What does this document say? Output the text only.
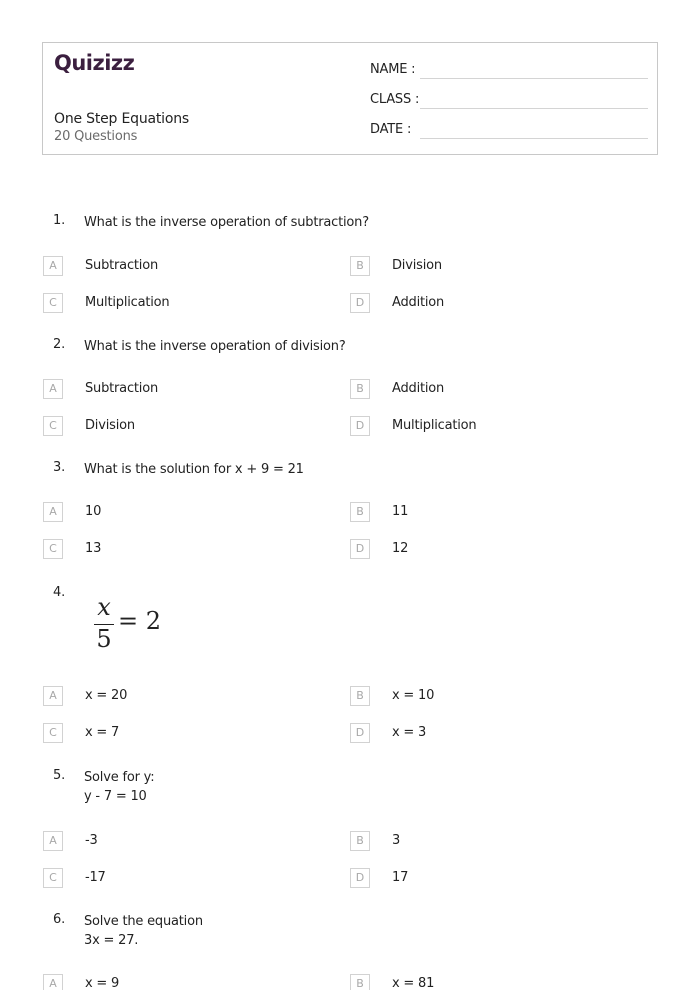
Quizizz
One Step Equations
20 Questions
NAME :
CLASS :
DATE :
1.	What is the inverse operation of subtraction?
A	Subtraction	B	Division
C	Multiplication	D	Addition
2.	What is the inverse operation of division?
A	Subtraction	B	Addition
C	Division	D	Multiplication
3.	What is the solution for x + 9 = 21
A	10	B	11
C	13	D	12
4.
x
5
= 2
A	x = 20	B	x = 10
C	x = 7	D	x = 3
5.	Solve for y:
y - 7 = 10
A	-3	B	3
C	-17	D	17
6.	Solve the equation
3x = 27.
A	x = 9	B	x = 81
